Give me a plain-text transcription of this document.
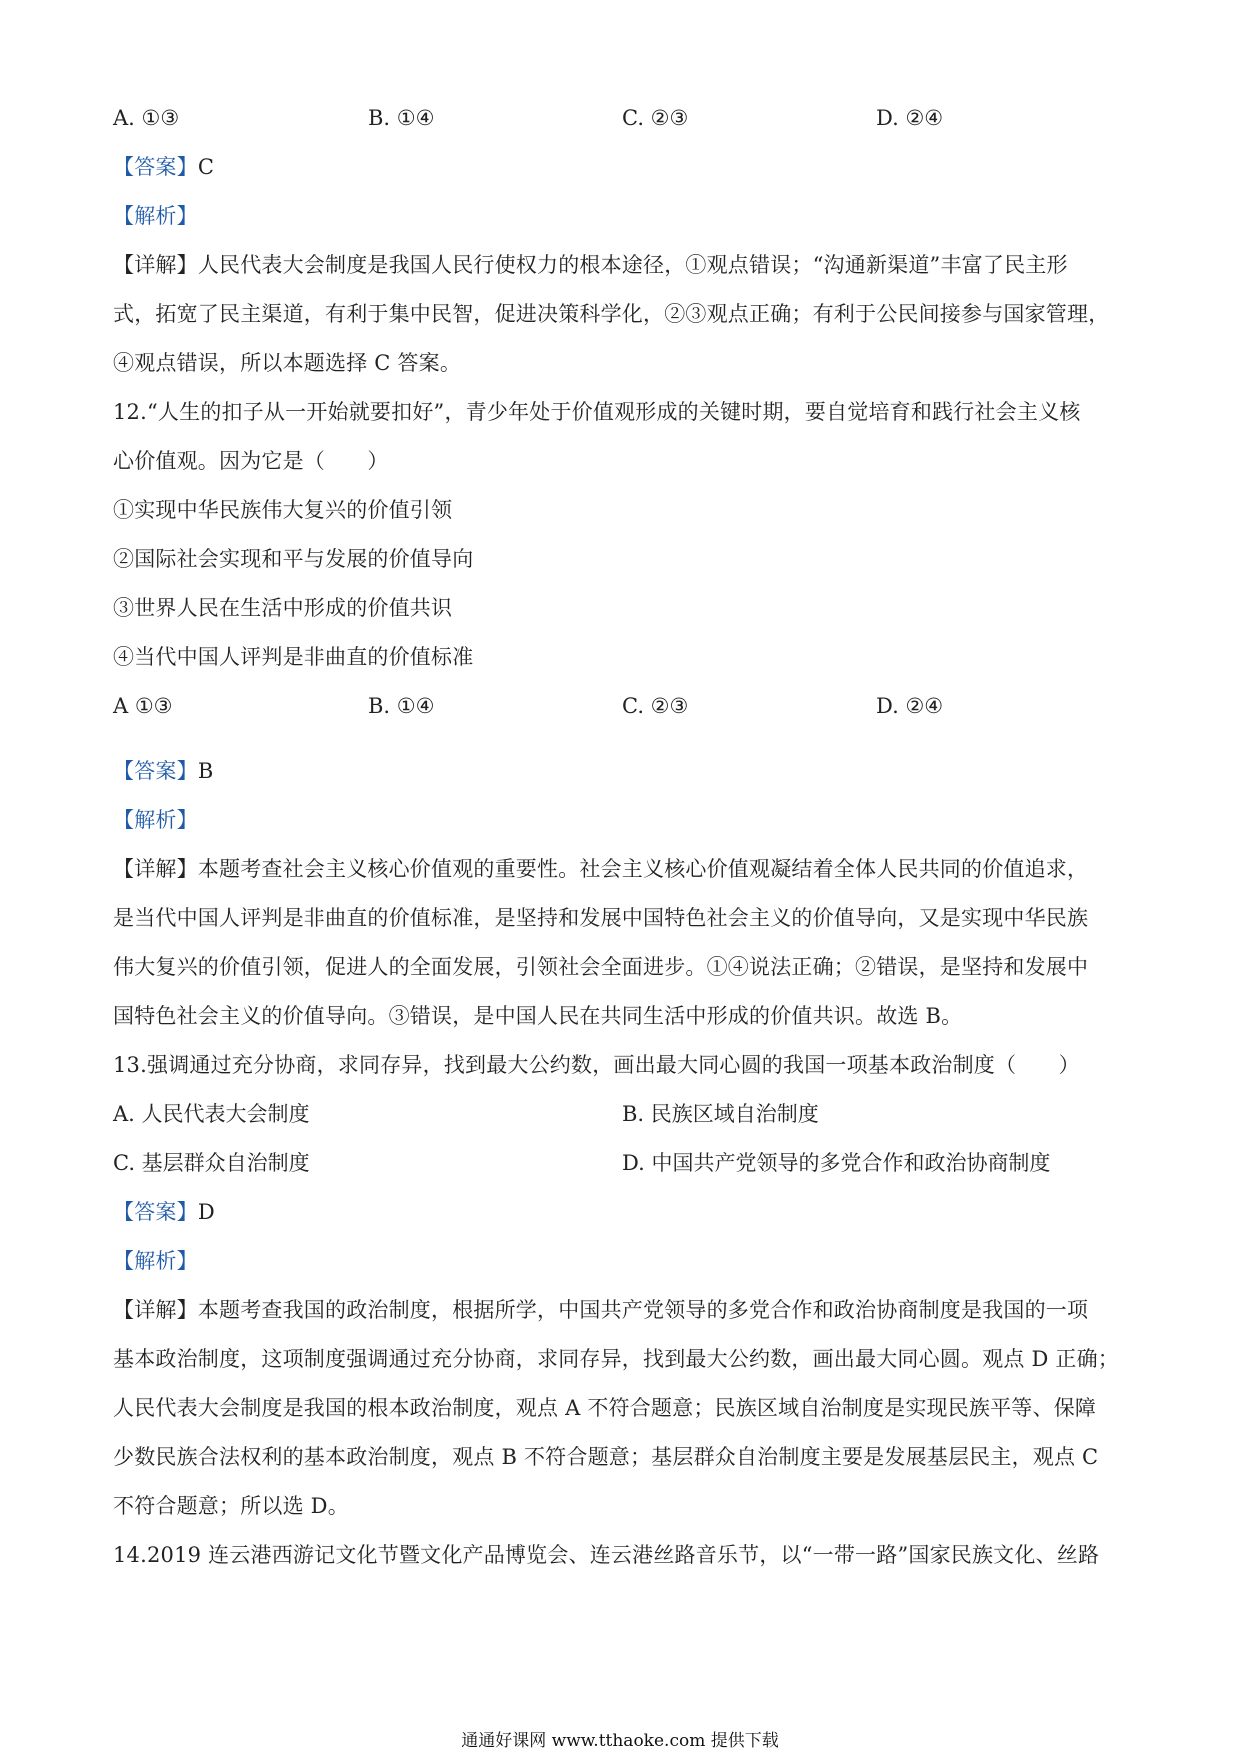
A. ①③	B. ①④	C. ②③	D. ②④
【答案】C
【解析】
【详解】人民代表大会制度是我国人民行使权力的根本途径，①观点错误；“沟通新渠道”丰富了民主形
式，拓宽了民主渠道，有利于集中民智，促进决策科学化，②③观点正确；有利于公民间接参与国家管理，
④观点错误，所以本题选择 C 答案。
12.“人生的扣子从一开始就要扣好”，青少年处于价值观形成的关键时期，要自觉培育和践行社会主义核
心价值观。因为它是（　　）
①实现中华民族伟大复兴的价值引领
②国际社会实现和平与发展的价值导向
③世界人民在生活中形成的价值共识
④当代中国人评判是非曲直的价值标准
A ①③	B. ①④	C. ②③	D. ②④
【答案】B
【解析】
【详解】本题考查社会主义核心价值观的重要性。社会主义核心价值观凝结着全体人民共同的价值追求，
是当代中国人评判是非曲直的价值标准，是坚持和发展中国特色社会主义的价值导向，又是实现中华民族
伟大复兴的价值引领，促进人的全面发展，引领社会全面进步。①④说法正确；②错误，是坚持和发展中
国特色社会主义的价值导向。③错误，是中国人民在共同生活中形成的价值共识。故选 B。
13.强调通过充分协商，求同存异，找到最大公约数，画出最大同心圆的我国一项基本政治制度（　　）
A. 人民代表大会制度	B. 民族区域自治制度
C. 基层群众自治制度	D. 中国共产党领导的多党合作和政治协商制度
【答案】D
【解析】
【详解】本题考查我国的政治制度，根据所学，中国共产党领导的多党合作和政治协商制度是我国的一项
基本政治制度，这项制度强调通过充分协商，求同存异，找到最大公约数，画出最大同心圆。观点 D 正确；
人民代表大会制度是我国的根本政治制度，观点 A 不符合题意；民族区域自治制度是实现民族平等、保障
少数民族合法权利的基本政治制度，观点 B 不符合题意；基层群众自治制度主要是发展基层民主，观点 C
不符合题意；所以选 D。
14.2019 连云港西游记文化节暨文化产品博览会、连云港丝路音乐节，以“一带一路”国家民族文化、丝路
通通好课网 www.tthaoke.com 提供下载
